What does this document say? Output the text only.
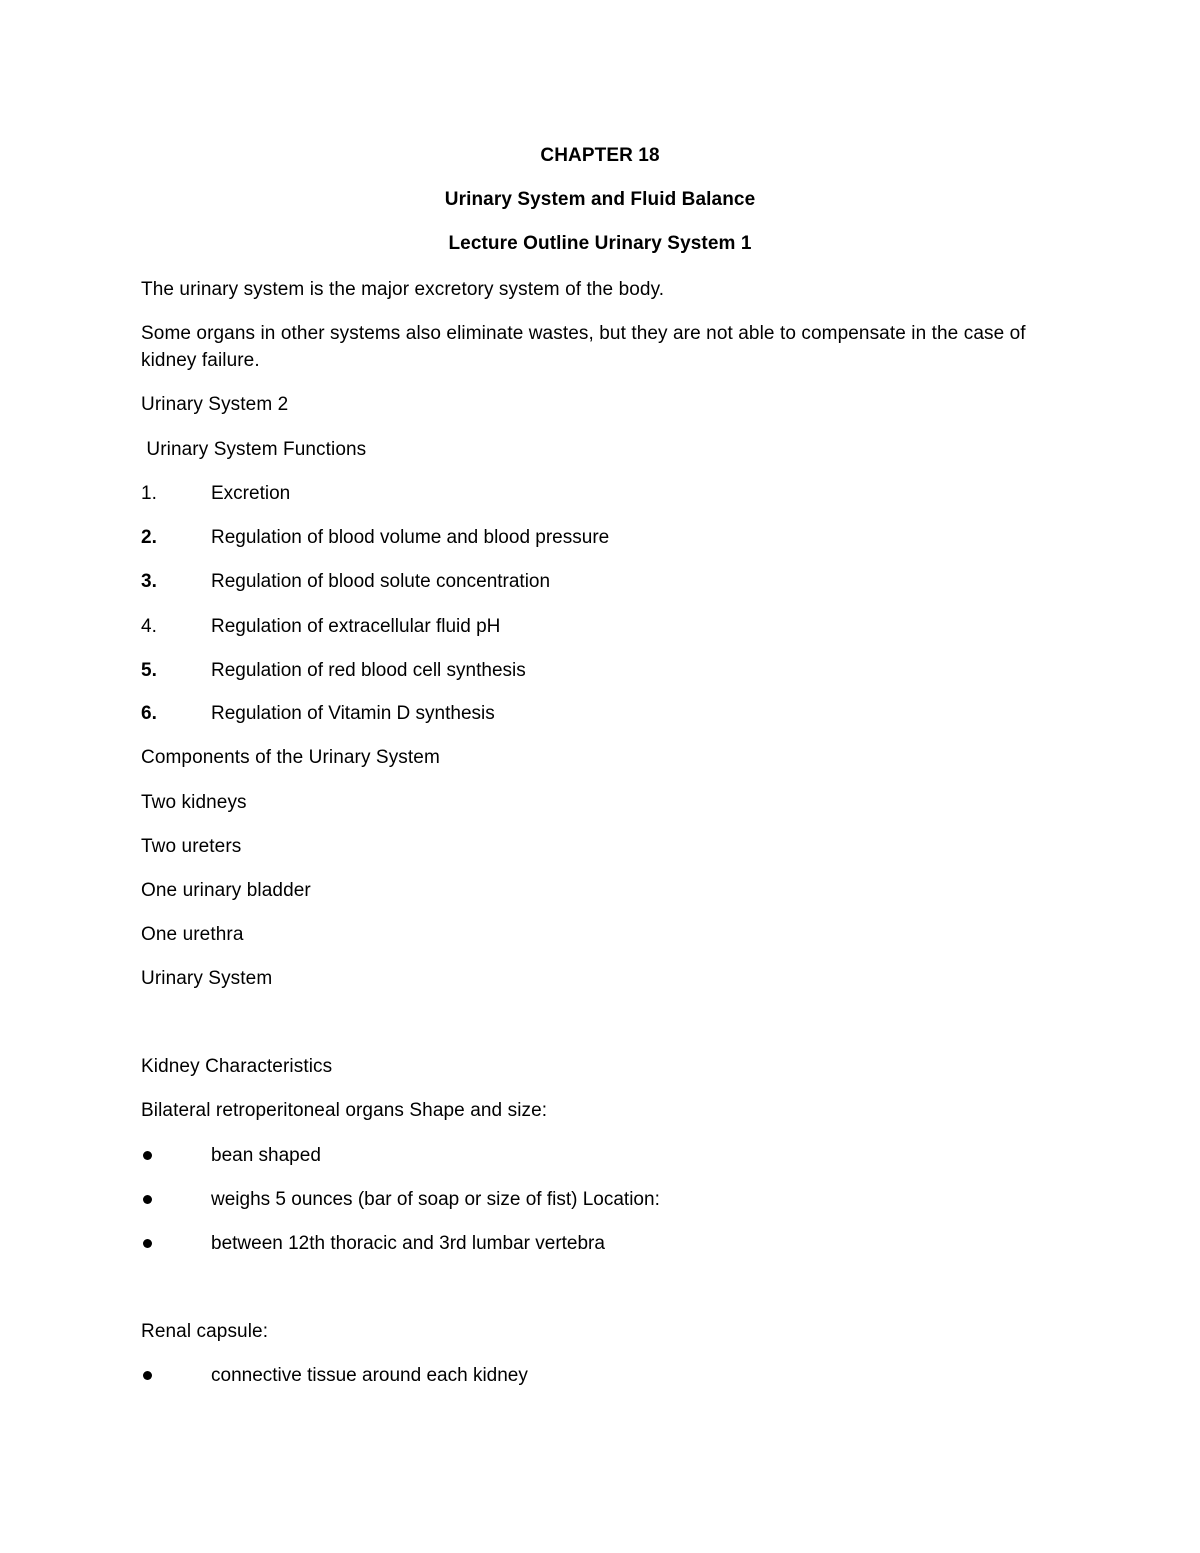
CHAPTER 18
Urinary System and Fluid Balance
Lecture Outline Urinary System 1
The urinary system is the major excretory system of the body.
Some organs in other systems also eliminate wastes, but they are not able to compensate in the case of
kidney failure.
Urinary System 2
Urinary System Functions
1.	Excretion
2.	Regulation of blood volume and blood pressure
3.	Regulation of blood solute concentration
4.	Regulation of extracellular fluid pH
5.	Regulation of red blood cell synthesis
6.	Regulation of Vitamin D synthesis
Components of the Urinary System
Two kidneys
Two ureters
One urinary bladder
One urethra
Urinary System
Kidney Characteristics
Bilateral retroperitoneal organs Shape and size:
bean shaped
weighs 5 ounces (bar of soap or size of fist) Location:
between 12th thoracic and 3rd lumbar vertebra
Renal capsule:
connective tissue around each kidney
